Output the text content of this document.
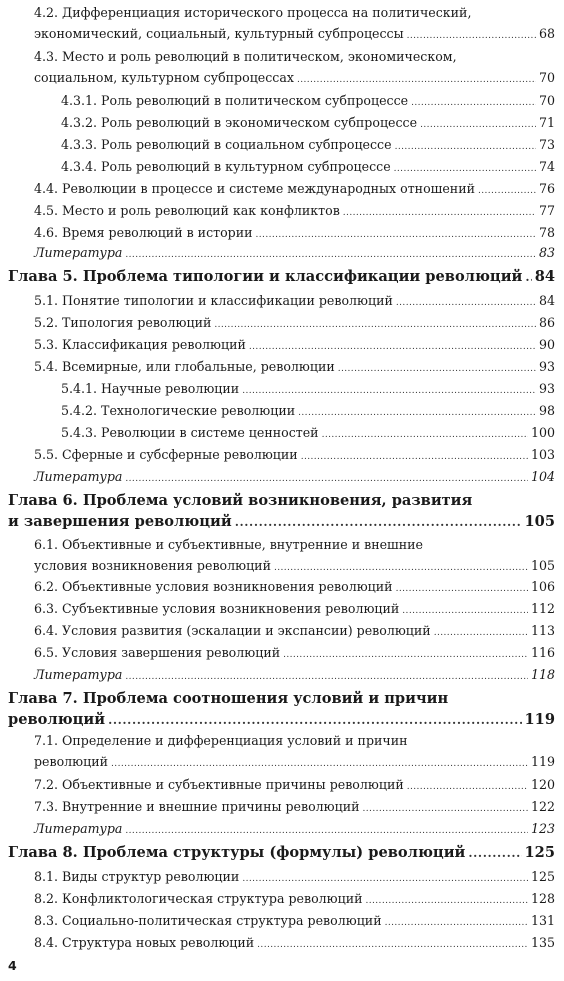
4.2. Дифференциация исторического процесса на политический,
экономический, социальный, культурный субпроцессы .....	68
4.3. Место и роль революций в политическом, экономическом,
социальном, культурном субпроцессах .....	70
4.3.1. Роль революций в политическом субпроцессе .....	70
4.3.2. Роль революций в экономическом субпроцессе .....	71
4.3.3. Роль революций в социальном субпроцессе .....	73
4.3.4. Роль революций в культурном субпроцессе .....	74
4.4. Революции в процессе и системе международных отношений .....	76
4.5. Место и роль революций как конфликтов .....	77
4.6. Время революций в истории .....	78
Литература .....	83
Глава 5. Проблема типологии и классификации революций ..... 84
5.1. Понятие типологии и классификации революций .....	84
5.2. Типология революций .....	86
5.3. Классификация революций .....	90
5.4. Всемирные, или глобальные, революции .....	93
5.4.1. Научные революции .....	93
5.4.2. Технологические революции .....	98
5.4.3. Революции в системе ценностей .....	100
5.5. Сферные и субсферные революции .....	103
Литература .....	104
Глава 6. Проблема условий возникновения, развития
и завершения революций .....	105
6.1. Объективные и субъективные, внутренние и внешние
условия возникновения революций .....	105
6.2. Объективные условия возникновения революций .....	106
6.3. Субъективные условия возникновения революций .....	112
6.4. Условия развития (эскалации и экспансии) революций .....	113
6.5. Условия завершения революций .....	116
Литература .....	118
Глава 7. Проблема соотношения условий и причин
революций .....	119
7.1. Определение и дифференциация условий и причин
революций .....	119
7.2. Объективные и субъективные причины революций .....	120
7.3. Внутренние и внешние причины революций .....	122
Литература .....	123
Глава 8. Проблема структуры (формулы) революций .....	125
8.1. Виды структур революции .....	125
8.2. Конфликтологическая структура революций .....	128
8.3. Социально-политическая структура революций .....	131
8.4. Структура новых революций .....	135
4
